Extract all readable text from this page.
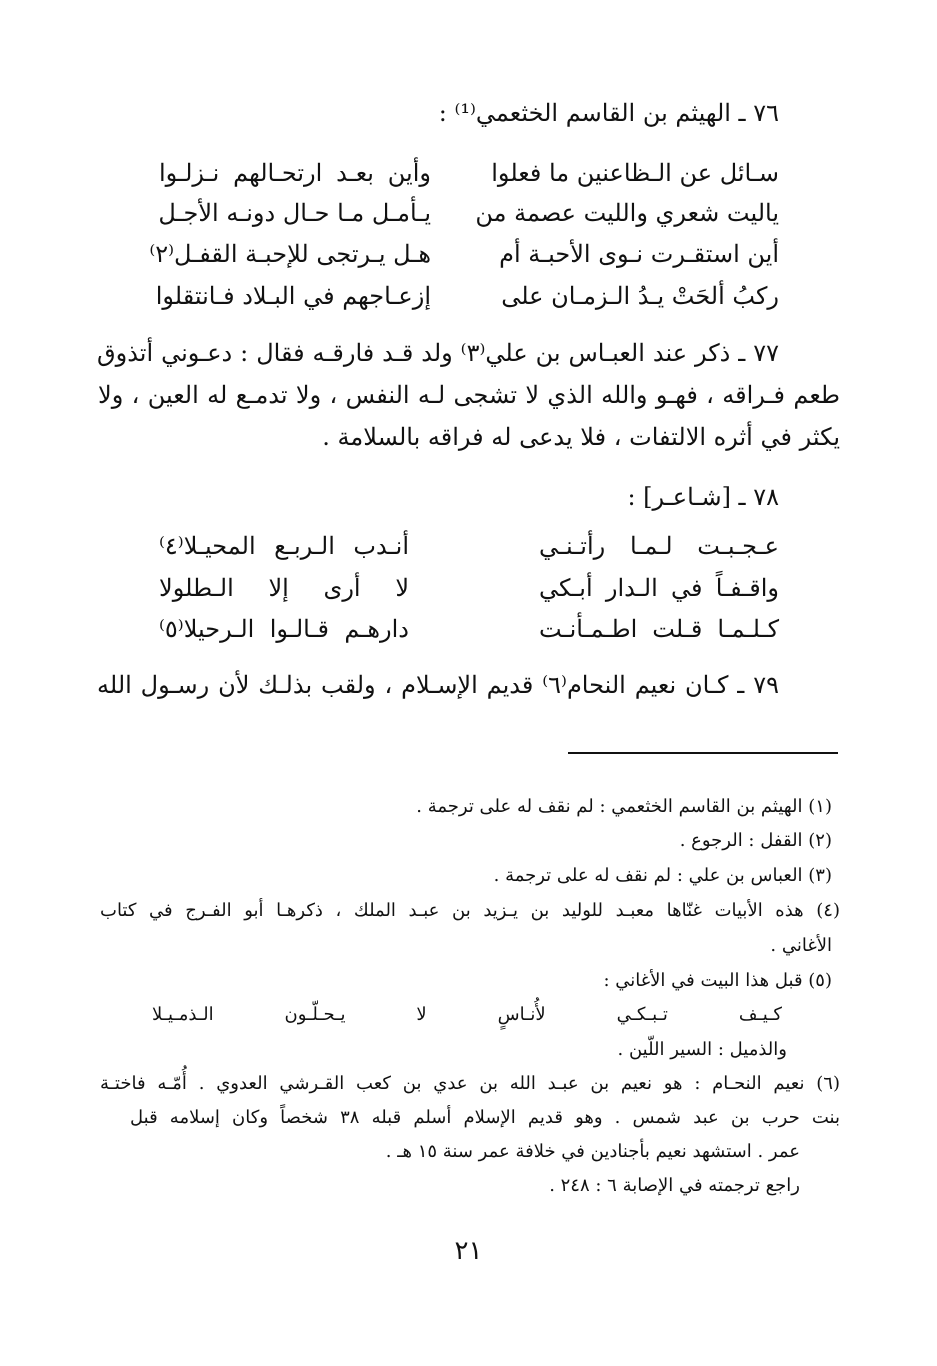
٧٦ ـ الهيثم بن القاسم الخثعمي⁽¹⁾ :
سـائل عن الـظاعنين ما فعلوا
وأين بعـد ارتحـالهم نـزلـوا
ياليت شعري والليت عصمة من
يـأمـل مـا حـال دونـه الأجـل
أين استقـرت نـوى الأحبـة أم
هـل يـرتجى للإحبـة القفـل⁽٢⁾
ركبُ ألحَتْ يـدُ الـزمـان على
إزعـاجهم في البـلاد فـانتقلوا
٧٧ ـ ذكر عند العبـاس بن علي⁽٣⁾ ولد قـد فارقـه فقال : دعـوني أتذوق
طعم فـراقه ، فهـو والله الذي لا تشجى لـه النفس ، ولا تدمـع له العين ، ولا
يكثر في أثره الالتفات ، فلا يدعى له فراقه بالسلامة .
٧٨ ـ [شـاعـر] :
عـجـبـت لـمـا رأتـنـي
أنـدب الـربـع المحيـلا⁽٤⁾
واقـفـاً في الـدار أبـكي
لا أرى إلا الـطلولا
كـلـمـا قـلت اطـمـأنـت
دارهـم قـالـوا الـرحيلا⁽٥⁾
٧٩ ـ كـان نعيم النحام⁽٦⁾ قديم الإسـلام ، ولقب بذلـك لأن رسـول الله
(١) الهيثم بن القاسم الخثعمي : لم نقف له على ترجمة .
(٢) القفل : الرجوع .
(٣) العباس بن علي : لم نقف له على ترجمة .
(٤) هذه الأبيات غنّاها معبـد للوليد بن يـزيد بن عبـد الملك ، ذكرهـا أبو الفـرج في كتاب
الأغاني .
(٥) قبل هذا البيت في الأغاني :
كـيـف تـبـكـي لأُنـاسٍ لا يـحـلّـون الـذمـيـلا
والذميل : السير اللّين .
(٦) نعيم النحـام : هو نعيم بن عبـد الله بن عدي بن كعب القـرشي العدوي . أُمّـه فاختـة
بنت حرب بن عبد شمس . وهو قديم الإسلام أسلم قبله ٣٨ شخصاً وكان إسلامه قبل
عمر . استشهد نعيم بأجنادين في خلافة عمر سنة ١٥ هـ .
راجع ترجمته في الإصابة ٦ : ٢٤٨ .
٢١
